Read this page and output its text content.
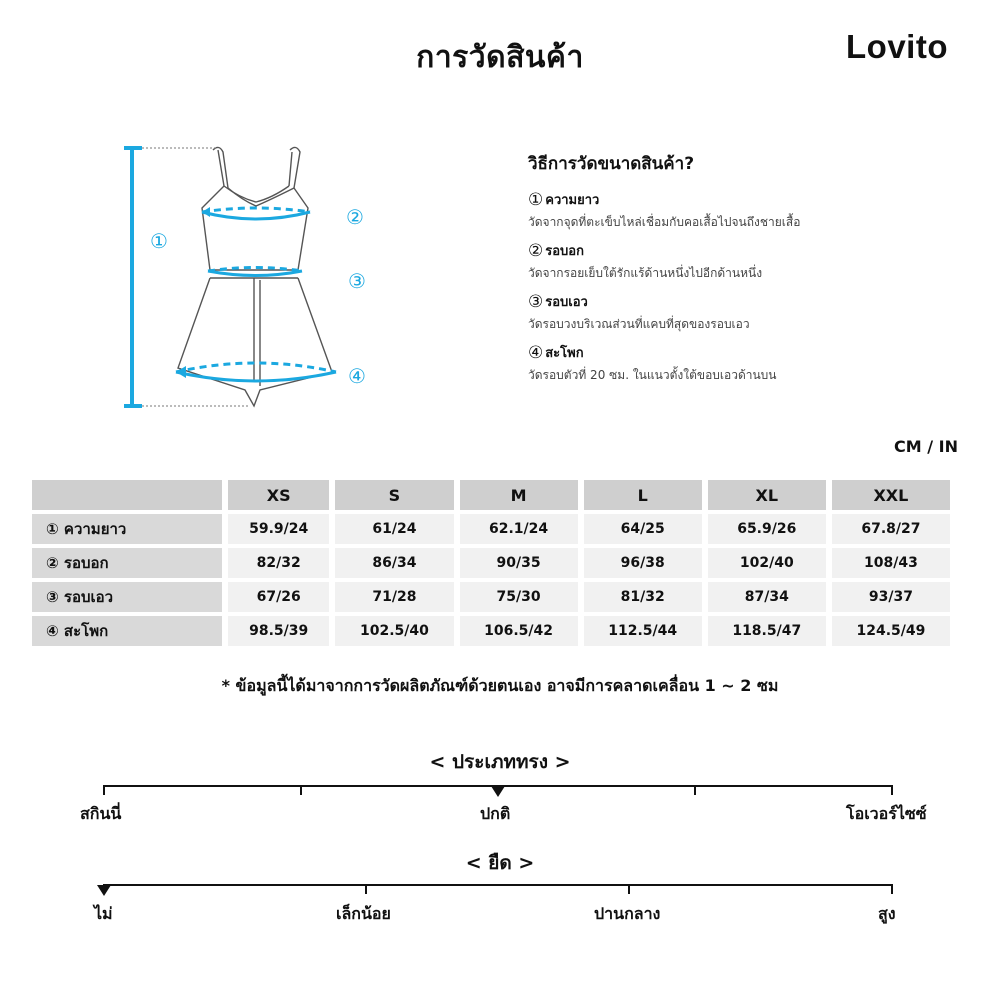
การวัดสินค้า	Lovito
①
②
③
④
วิธีการวัดขนาดสินค้า?
① ความยาว
วัดจากจุดที่ตะเข็บไหล่เชื่อมกับคอเสื้อไปจนถึงชายเสื้อ
② รอบอก
วัดจากรอยเย็บใต้รักแร้ด้านหนึ่งไปอีกด้านหนึ่ง
③ รอบเอว
วัดรอบวงบริเวณส่วนที่แคบที่สุดของรอบเอว
④ สะโพก
วัดรอบตัวที่ 20 ซม. ในแนวตั้งใต้ขอบเอวด้านบน
CM / IN
	XS	S	M	L	XL	XXL
① ความยาว	59.9/24	61/24	62.1/24	64/25	65.9/26	67.8/27
② รอบอก	82/32	86/34	90/35	96/38	102/40	108/43
③ รอบเอว	67/26	71/28	75/30	81/32	87/34	93/37
④ สะโพก	98.5/39	102.5/40	106.5/42	112.5/44	118.5/47	124.5/49
* ข้อมูลนี้ได้มาจากการวัดผลิตภัณฑ์ด้วยตนเอง อาจมีการคลาดเคลื่อน 1 ~ 2 ซม
< ประเภททรง >
สกินนี่	ปกติ	โอเวอร์ไซซ์
< ยืด >
ไม่	เล็กน้อย	ปานกลาง	สูง
